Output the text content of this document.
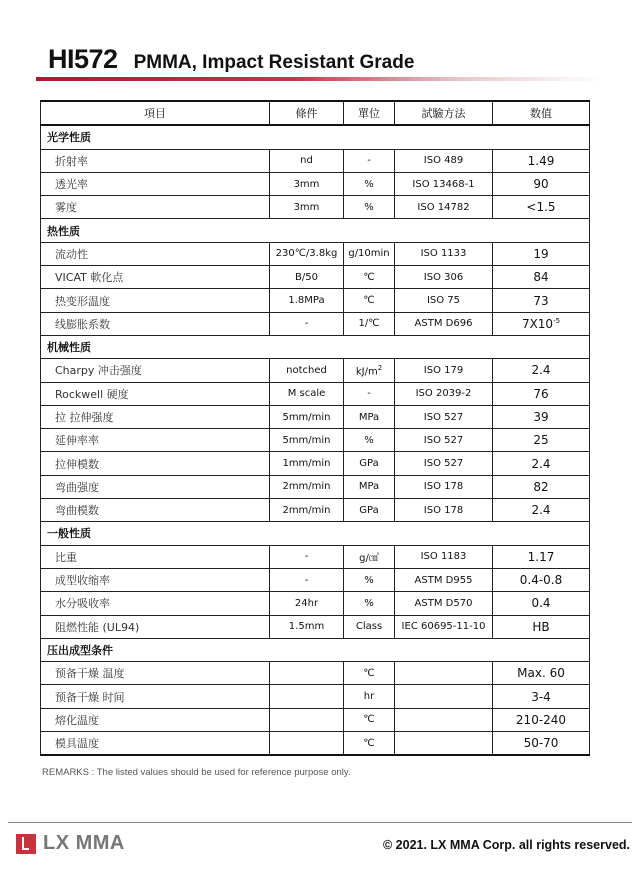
HI572 PMMA, Impact Resistant Grade
項目	條件	單位	試驗方法	数值
光学性质				
折射率	nd	-	ISO 489	1.49
透光率	3mm	%	ISO 13468-1	90
雾度	3mm	%	ISO 14782	<1.5
热性质				
流动性	230℃/3.8kg	g/10min	ISO 1133	19
VICAT 軟化点	B/50	℃	ISO 306	84
热变形温度	1.8MPa	℃	ISO 75	73
线膨胀系数	-	1/℃	ASTM D696	$7X10^{-5}$
机械性质				
Charpy 冲击强度	notched	$kJ/m^2$	ISO 179	2.4
Rockwell 硬度	M scale	-	ISO 2039-2	76
拉 拉伸强度	5mm/min	MPa	ISO 527	39
延伸率率	5mm/min	%	ISO 527	25
拉伸模数	1mm/min	GPa	ISO 527	2.4
弯曲强度	2mm/min	MPa	ISO 178	82
弯曲模数	2mm/min	GPa	ISO 178	2.4
一般性质				
比重	-	g/㎤	ISO 1183	1.17
成型收缩率	-	%	ASTM D955	0.4-0.8
水分吸收率	24hr	%	ASTM D570	0.4
阻燃性能 (UL94)	1.5mm	Class	IEC 60695-11-10	HB
压出成型条件				
预备干燥 温度		℃		Max. 60
预备干燥 时间		hr		3-4
熔化温度		℃		210-240
模具温度		℃		50-70
REMARKS : The listed values should be used for reference purpose only.
LX MMA	© 2021. LX MMA Corp. all rights reserved.
